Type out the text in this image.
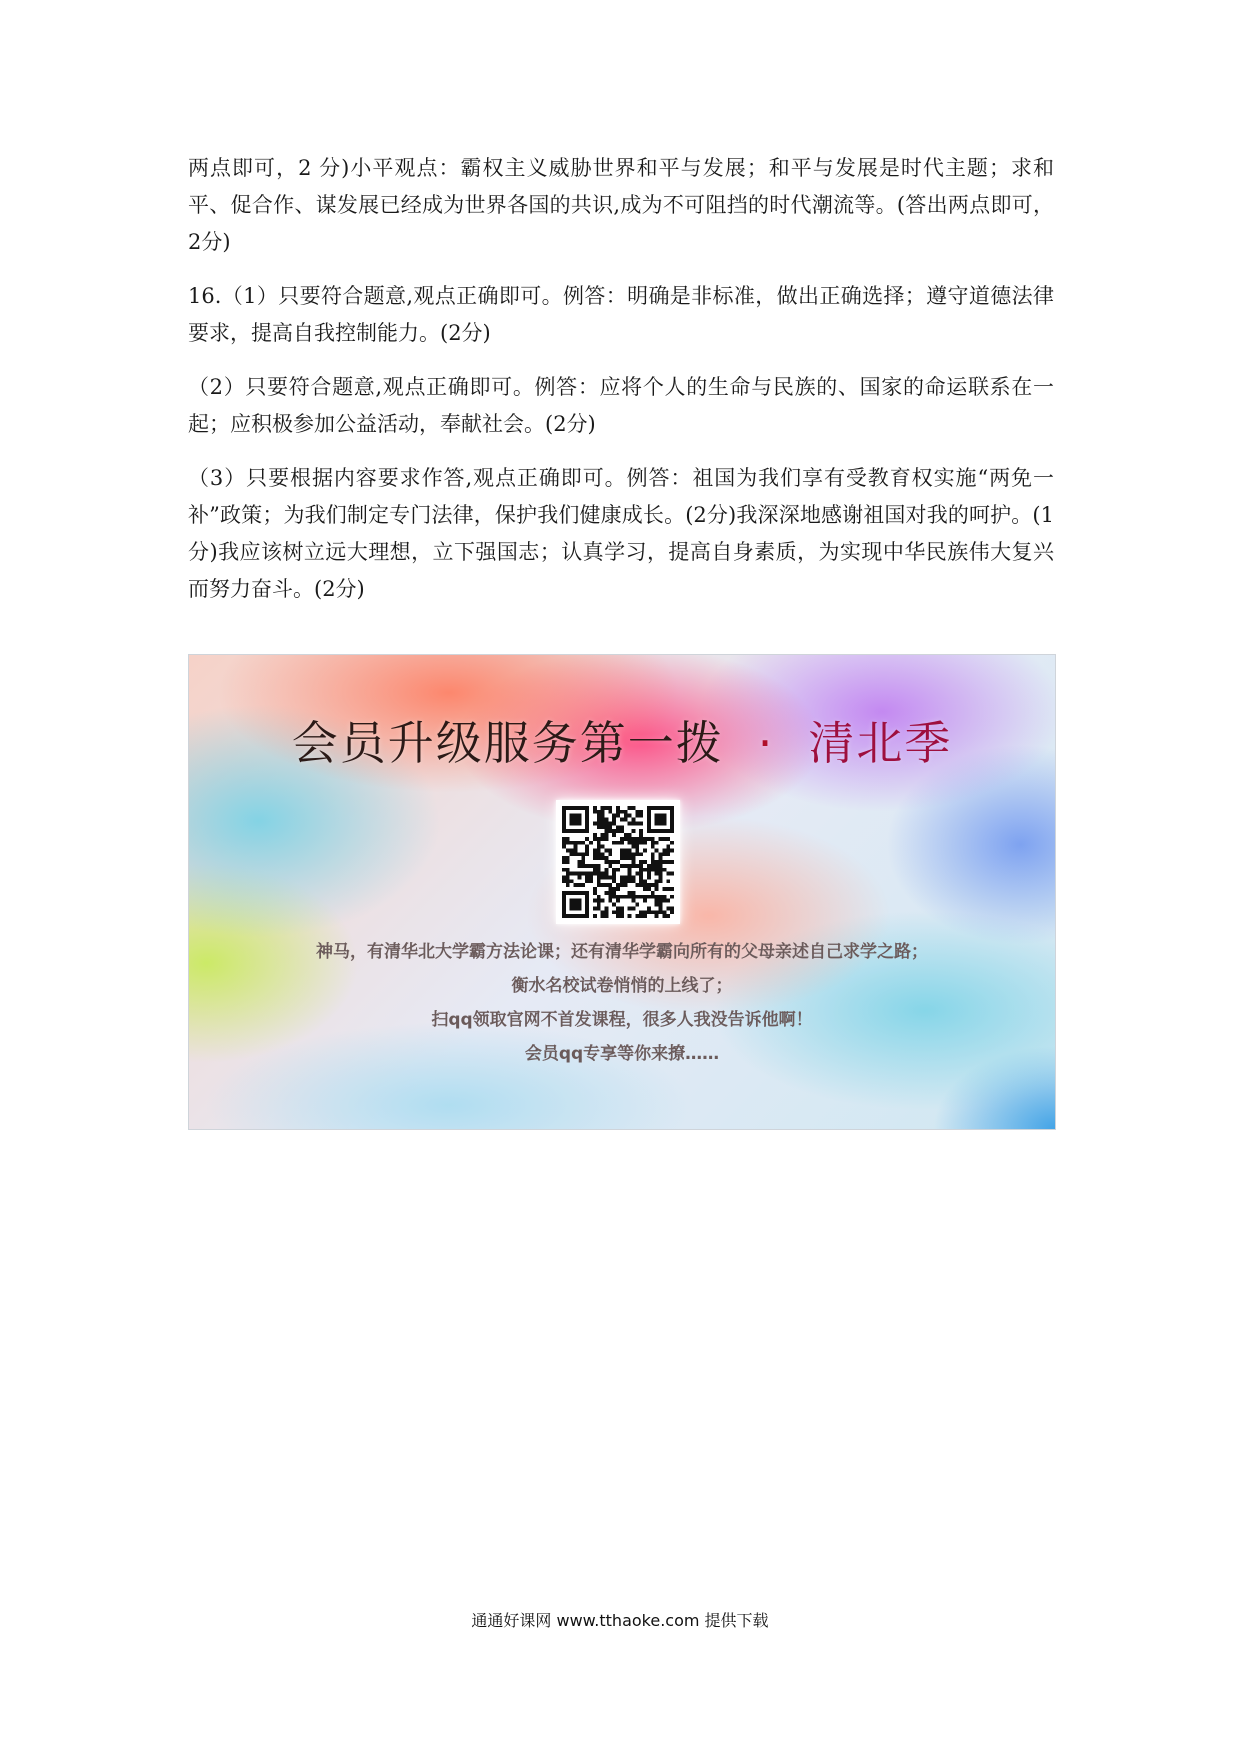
两点即可，2 分)小平观点：霸权主义威胁世界和平与发展；和平与发展是时代主题；求和平、促合作、谋发展已经成为世界各国的共识,成为不可阻挡的时代潮流等。(答出两点即可，2分)

16.（1）只要符合题意,观点正确即可。例答：明确是非标准，做出正确选择；遵守道德法律要求，提高自我控制能力。(2分)

（2）只要符合题意,观点正确即可。例答：应将个人的生命与民族的、国家的命运联系在一起；应积极参加公益活动，奉献社会。(2分)

（3）只要根据内容要求作答,观点正确即可。例答：祖国为我们享有受教育权实施“两免一补”政策；为我们制定专门法律，保护我们健康成长。(2分)我深深地感谢祖国对我的呵护。(1分)我应该树立远大理想，立下强国志；认真学习，提高自身素质，为实现中华民族伟大复兴而努力奋斗。(2分)

会员升级服务第一拨 · 清北季
神马，有清华北大学霸方法论课；还有清华学霸向所有的父母亲述自己求学之路；
衡水名校试卷悄悄的上线了；
扫qq领取官网不首发课程，很多人我没告诉他啊！
会员qq专享等你来撩……
通通好课网 www.tthaoke.com 提供下载
